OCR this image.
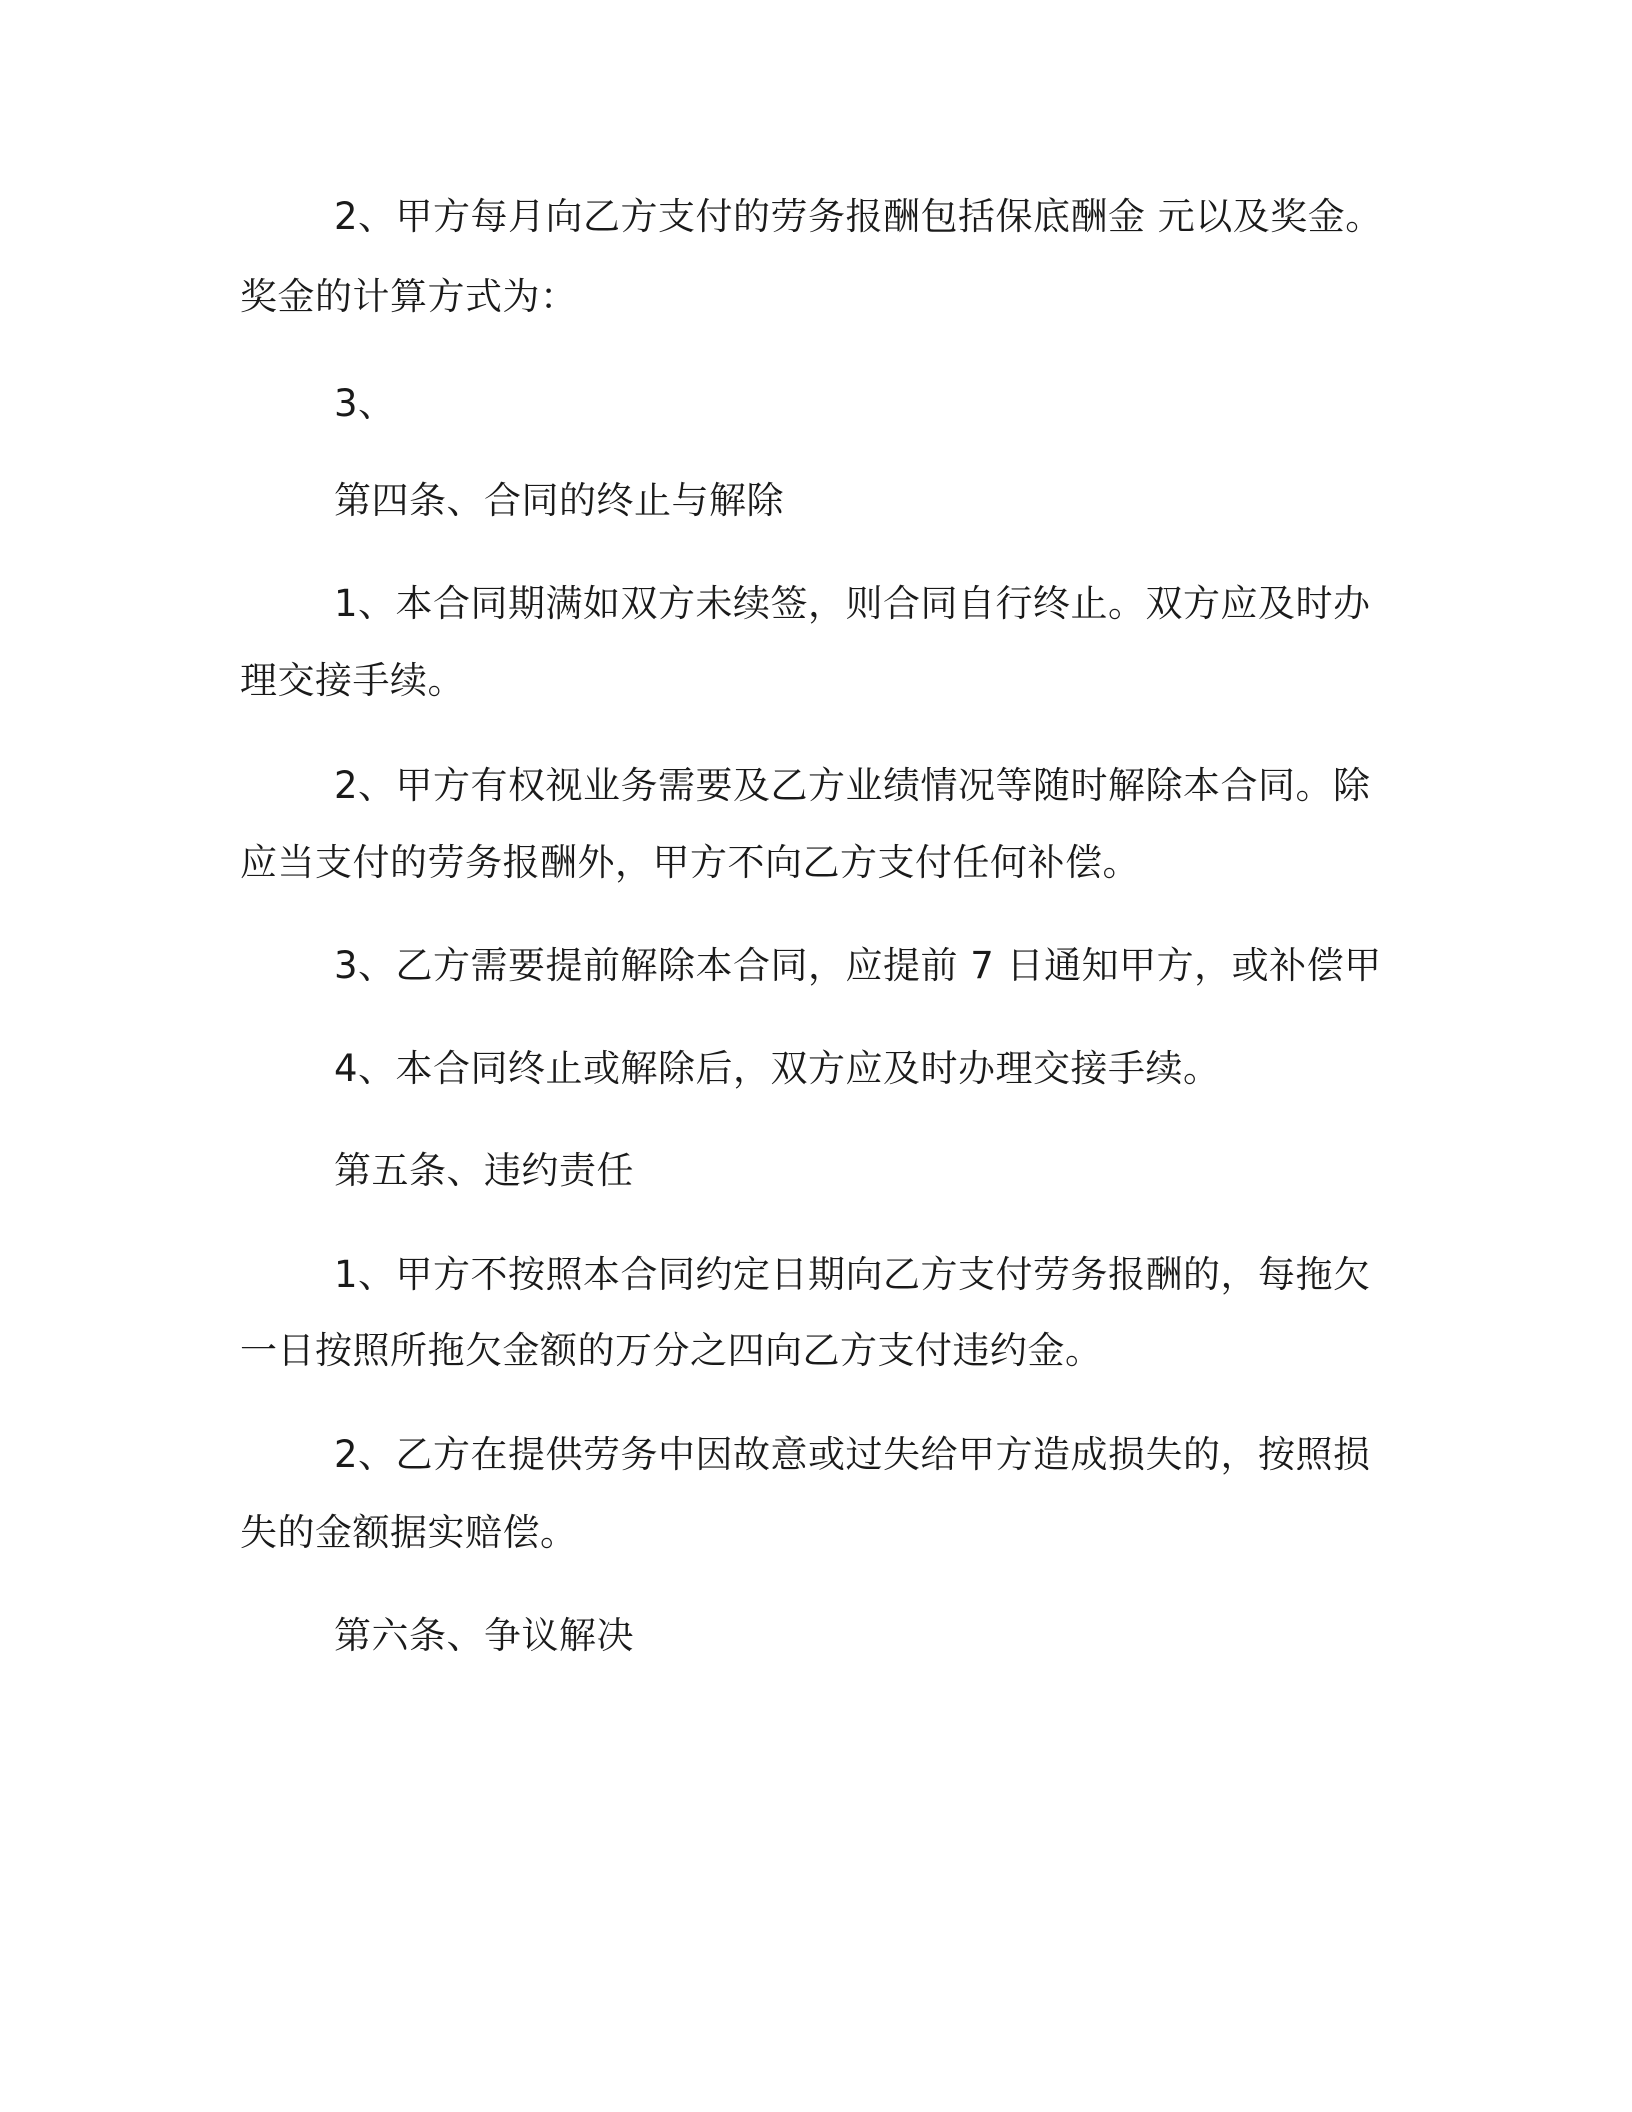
2、甲方每月向乙方支付的劳务报酬包括保底酬金 元以及奖金。
奖金的计算方式为：
3、
第四条、合同的终止与解除
1、本合同期满如双方未续签，则合同自行终止。双方应及时办
理交接手续。
2、甲方有权视业务需要及乙方业绩情况等随时解除本合同。除
应当支付的劳务报酬外，甲方不向乙方支付任何补偿。
3、乙方需要提前解除本合同，应提前 7 日通知甲方，或补偿甲
4、本合同终止或解除后，双方应及时办理交接手续。
第五条、违约责任
1、甲方不按照本合同约定日期向乙方支付劳务报酬的，每拖欠
一日按照所拖欠金额的万分之四向乙方支付违约金。
2、乙方在提供劳务中因故意或过失给甲方造成损失的，按照损
失的金额据实赔偿。
第六条、争议解决
